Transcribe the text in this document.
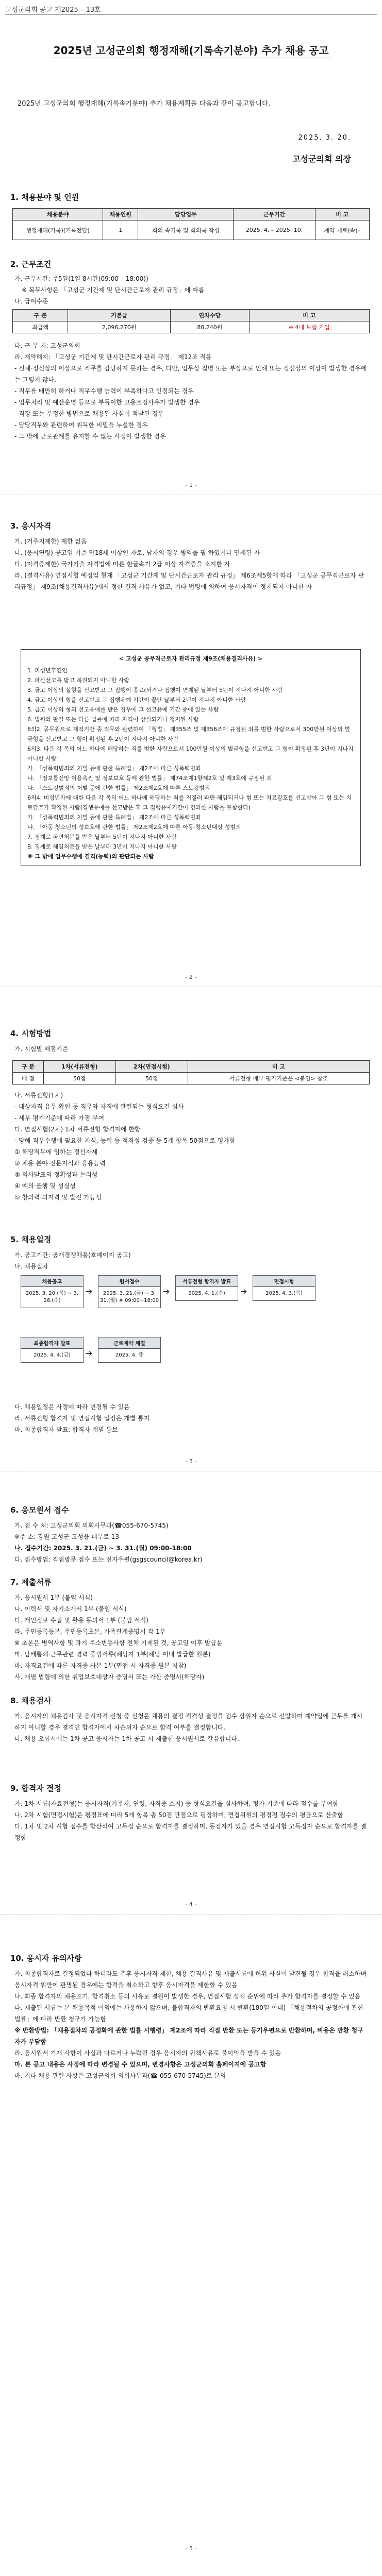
고성군의회 공고 제2025 – 13호
2025년 고성군의회 행정재해(기록속기분야) 추가 채용 공고
2025년 고성군의회 행정재해(기록속기분야) 추가 채용계획을 다음과 같이 공고합니다.
2025. 3. 20.
고성군의회 의장
1. 채용분야 및 인원
채용분야	채용인원	담당업무	근무기간	비 고
행정재해(기록)(기록전담)	1	회의 속기록 및 회의록 작성	2025. 4. – 2025. 10.	계약 재료(속)–
2. 근무조건

가. 근무시간: 주5일(1일 8시간(09:00 – 18:00))

※ 복무사항은 「고성군 기간제 및 단시간근로자 관리 규정」에 따름

나. 급여수준

구 분	기본급	연차수당	비 고
최급액	2,096,270원	80,240원	※ 4대 보험 가입

다. 근 무 지: 고성군의회

라. 계약해지: 「고성군 기간제 및 단시간근로자 관리 규정」 제12조 적용

- 신체·정신상의 이상으로 직무를 감당하지 못하는 경우, 다만, 업무상 질병 또는 부상으로 인해 또는 정신상의 이상이 발생한 경우에는 그렇지 않다.

- 직무를 태만히 하거나 직무수행 능력이 부족하다고 인정되는 경우

- 업무처리 및 예산운영 등으로 부득이한 고용조정사유가 발생한 경우

- 직장 또는 부정한 방법으로 채용된 사실이 적발된 경우

- 담당직무와 관련하여 취득한 비밀을 누설한 경우

- 그 밖에 근로관계를 유지할 수 없는 사정이 발생한 경우

- 1 -
3. 응시자격

가. (거주지제한) 제한 없음

나. (응시연령) 공고일 기준 만18세 이상인 자로, 남자의 경우 병역을 필 하였거나 면제된 자

다. (자격증제한) 국가기술 자격법에 따른 한글속기 2급 이상 자격증을 소지한 자

라. (결격사유) 면접시험 예정일 현재 「고성군 기간제 및 단시간근로자 관리 규정」 제6조제5항에 따라 「고성군 공무직근로자 관리규정」 제9조(채용결격사유)에서 정한 결격 사유가 없고, 기타 법령에 의하여 응시자격이 정지되지 아니한 자

< 고성군 공무직근로자 관리규정 제9조(채용결격사유) >

1. 피성년후견인

2. 파산선고를 받고 복권되지 아니한 사람

3. 금고 이상의 실형을 선고받고 그 집행이 종료(되거나 집행이 면제된 날부터 5년이 지나지 아니한 사람

4. 금고 이상의 형을 선고받고 그 집행유예 기간이 끝난 날부터 2년이 지나지 아니한 사람

5. 금고 이상의 형의 선고유예를 받은 경우에 그 선고유예 기간 중에 있는 사람

6. 법원의 판결 또는 다른 법률에 따라 자격이 상실되거나 정지된 사람

6의2. 공무원으로 재직기간 중 직무와 관련하여 「형법」 제355조 및 제356조에 규정된 죄를 범한 사람으로서 300만원 이상의 벌금형을 선고받고 그 형이 확정된 후 2년이 지나지 아니한 사람

6의3. 다음 각 목의 어느 하나에 해당하는 죄를 범한 사람으로서 100만원 이상의 벌금형을 선고받고 그 형이 확정된 후 3년이 지나지 아니한 사람

가. 「성폭력범죄의 처벌 등에 관한 특례법」 제2조에 따른 성폭력범죄

나. 「정보통신망 이용촉진 및 정보보호 등에 관한 법률」 제74조제1항제2호 및 제3호에 규정된 죄

다. 「스토킹범죄의 처벌 등에 관한 법률」 제2조제2호에 따른 스토킹범죄

6의4. 미성년자에 대한 다음 각 목의 어느 하나에 해당하는 죄를 저질러 파면·해임되거나 형 또는 치료감호를 선고받아 그 형 또는 치료감호가 확정된 사람(집행유예를 선고받은 후 그 집행유예기간이 경과한 사람을 포함한다)

가. 「성폭력범죄의 처벌 등에 관한 특례법」 제2조에 따른 성폭력범죄

나. 「아동·청소년의 성보호에 관한 법률」 제2조제2호에 따른 아동·청소년대상 성범죄

7. 징계로 파면처분을 받은 날부터 5년이 지나지 아니한 사람

8. 징계로 해임처분을 받은 날부터 3년이 지나지 아니한 사람

※ 그 밖에 업무수행에 결격(능력)의 판단되는 사람

- 2 -
4. 시험방법
가. 시험별 배점기준
구 분	1차(서류전형)	2차(면접시험)	비 고
배 점	50점	50점	서류전형 배부 평가기준은 <붙임> 참조

나. 서류전형(1차)

- 대상자격 유무 확인 등 직무와 자격에 관련되는 형식요건 심사

- 세부 평가기준에 따라 가점 부여

다. 면접시험(2차) 1차 서류전형 합격자에 한함

- 당해 직무수행에 필요한 지식, 능력 등 적격성 검증 등 5개 항목 50점으로 평가함

① 해당직무에 임하는 정신자세

② 채용 분야 전문지식과 응용능력

③ 의사발표의 정확성과 논리성

④ 예의·품행 및 성실성

⑤ 창의력·의지력 및 발전 가능성

5. 채용일정

가. 공고기간: 공개경쟁채용(호예이지 공고)

나. 채용절차

채용공고
2025. 3. 20.(목) ~ 3. 26.(수)
➔
원서접수
2025. 3. 21.(금) ~ 3. 31.(월) ※ 09:00~18:00
➔
서류전형 합격자 발표
2025. 4. 1.(수)	➔
면접시험
2025. 4. 3.(목)
최종합격자 발표
2025. 4. 4.(금)	➔
근로계약 체결
2025. 4. 중

다. 채용일정은 사정에 따라 변경될 수 있음

라. 서류전형 합격자 및 면접시험 일정은 개별 통지

마. 최종합격자 발표: 합격자 개별 통보

- 3 -
6. 응모원서 접수

가. 접 수 처: 고성군의회 의회사무과(☎055-670-5745)

※주 소: 강원 고성군 고성읍 대무로 13

나. 접수기간: 2025. 3. 21.(금) ~ 3. 31.(월) 09:00-18:00

다. 접수방법: 직접방문 접수 또는 전자우편(gsgscouncil@korea.kr)

7. 제출서류

가. 응시원서 1부 (붙임 서식)

나. 이력서 및 자기소개서 1부 (붙임 서식)

다. 개인정보 수집 및 활용 동의서 1부 (붙임 서식)

라. 주민등록등본, 주민등록초본, 가족관계증명서 각 1부

※ 초본은 병역사항 및 과거 주소변동사항 전체 기재된 것, 공고일 이후 발급분

마. 담배뽐쇄·근무관련 경력 증빙서류(해당자 1부(해당 이내 발급한 원본)

바. 자격요건에 따른 자격증 사본 1부(면접 시 자격증 원본 지참)

사. 개별 법령에 의한 취업보호대상자 증명서 또는 가산 증명서(해당자)

8. 채용검사

가. 응시자의 채용검사 및 응시자격 신청 중 신청은 채용의 결정 적격성 결정을 점수 상위자 순으로 선발하며 계약일에 근무를 개시하지 아니할 경우 결격인 합격자에서 차순위자 순으로 합격 여부를 결정합니다.

나. 채용 오류시에는 1차 공고 응시자는 1차 공고 시 제출한 응시원서로 갈음합니다.

9. 합격자 결정

가. 1차 서류(자료전형)는 응시자격(거주지, 연령, 자격증 소지) 등 형식요건을 심사하며, 평가 기준에 따라 점수를 부여함

나. 2차 시험(면접시험)은 평정표에 따라 5개 항목 총 50점 만점으로 평정하며, 면접위원의 평정점 점수의 평균으로 산출함

다. 1차 및 2차 시험 점수를 합산하여 고득점 순으로 합격자를 결정하며, 동점자가 있을 경우 면접시험 고득점자 순으로 합격자를 결정함

- 4 -
10. 응시자 유의사항

가. 최종합격자로 결정되었다 하더라도 추후 응시자격 제한, 채용 결격사유 및 제출서류에 허위 사실이 발견될 경우 합격을 취소하며 응시자격 위반이 판명된 경우에는 합격을 취소하고 향후 응시자격을 제한할 수 있음

나. 최종 합격자의 채용포기, 합격취소 등의 사유로 결원이 발생한 경우, 면접시험 성적 순위에 따라 추가 합격자를 결정할 수 있음

다. 제출된 서류는 본 채용목적 이외에는 사용하지 않으며, 불합격자의 반환요청 시 반환(180일 이내) 「채용절차의 공정화에 관한 법률」에 따라 반환 청구가 가능함

※ 반환방법: 「채용절차의 공정화에 관한 법률 시행령」 제2조에 따라 직접 반환 또는 등기우편으로 반환하며, 비용은 반환 청구자가 부담함

라. 응시원서 기재 사항이 사실과 다르거나 누락될 경우 응시자의 귀책사유로 불이익을 받을 수 있음

마. 본 공고 내용은 사정에 따라 변경될 수 있으며, 변경사항은 고성군의회 홈페이지에 공고함

바. 기타 채용 관련 사항은 고성군의회 의회사무과(☎ 055-670-5745)로 문의

- 5 -
